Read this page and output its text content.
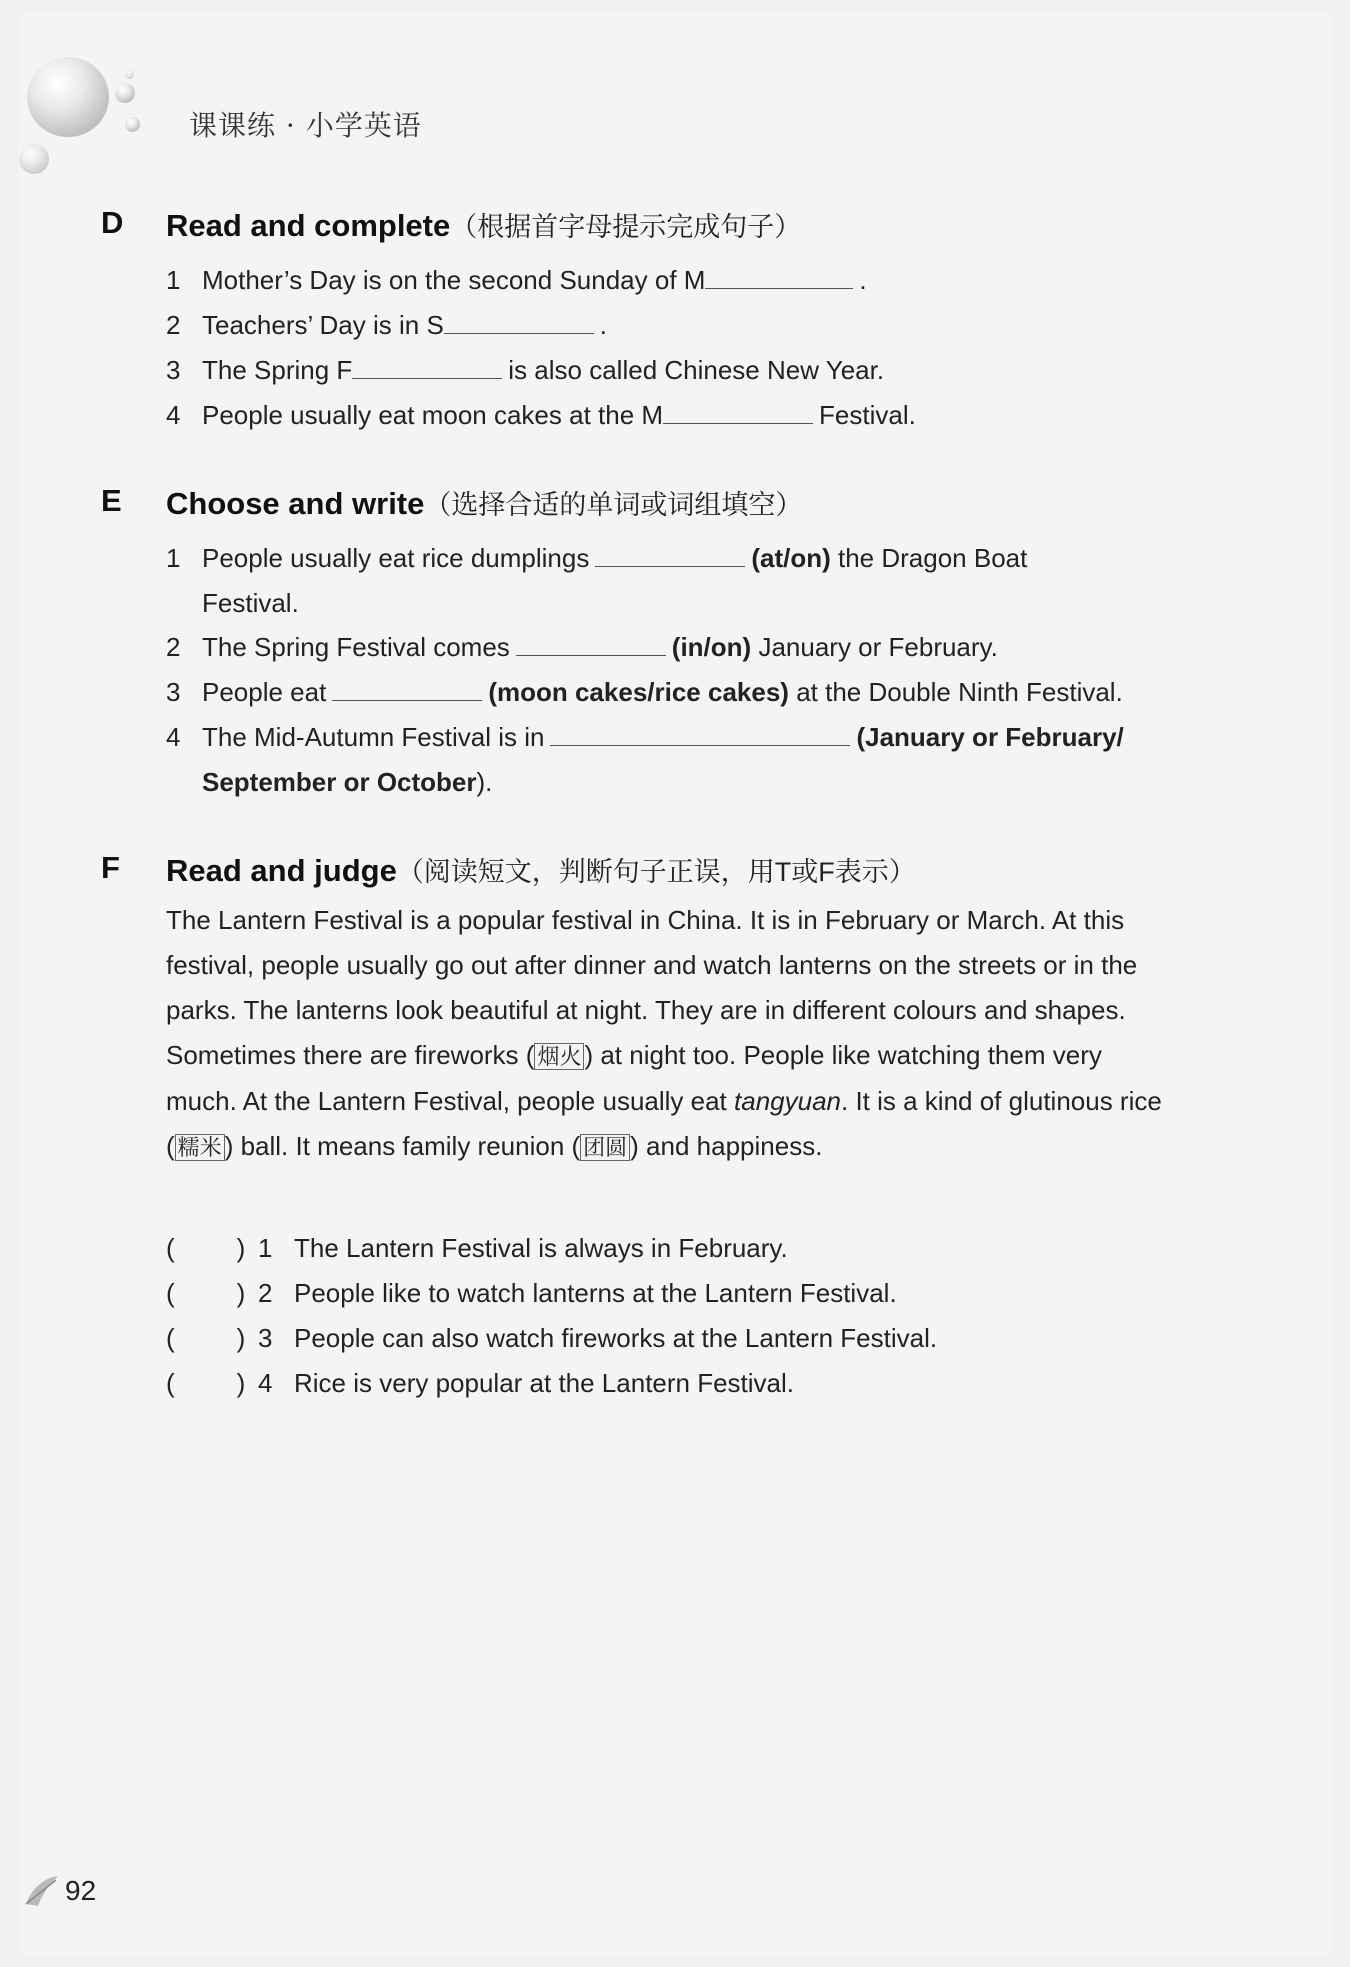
课课练 · 小学英语
D Read and complete（根据首字母提示完成句子）
1 Mother’s Day is on the second Sunday of M	.
2 Teachers’ Day is in S	.
3 The Spring F	is also called Chinese New Year.
4 People usually eat moon cakes at the M	Festival.
E Choose and write（选择合适的单词或词组填空）
1 People usually eat rice dumplings	(at/on) the Dragon Boat
Festival.
2 The Spring Festival comes	(in/on) January or February.
3 People eat	(moon cakes/rice cakes) at the Double Ninth Festival.
4 The Mid-Autumn Festival is in	(January or February/
September or October).
F Read and judge（阅读短文，判断句子正误，用T或F表示）
The Lantern Festival is a popular festival in China. It is in February or March. At this festival, people usually go out after dinner and watch lanterns on the streets or in the parks. The lanterns look beautiful at night. They are in different colours and shapes. Sometimes there are fireworks ( 烟火 ) at night too. People like watching them very much. At the Lantern Festival, people usually eat tangyuan. It is a kind of glutinous rice ( 糯米 ) ball. It means family reunion ( 团圆 ) and happiness.
( ) 1 The Lantern Festival is always in February.
( ) 2 People like to watch lanterns at the Lantern Festival.
( ) 3 People can also watch fireworks at the Lantern Festival.
( ) 4 Rice is very popular at the Lantern Festival.
92
